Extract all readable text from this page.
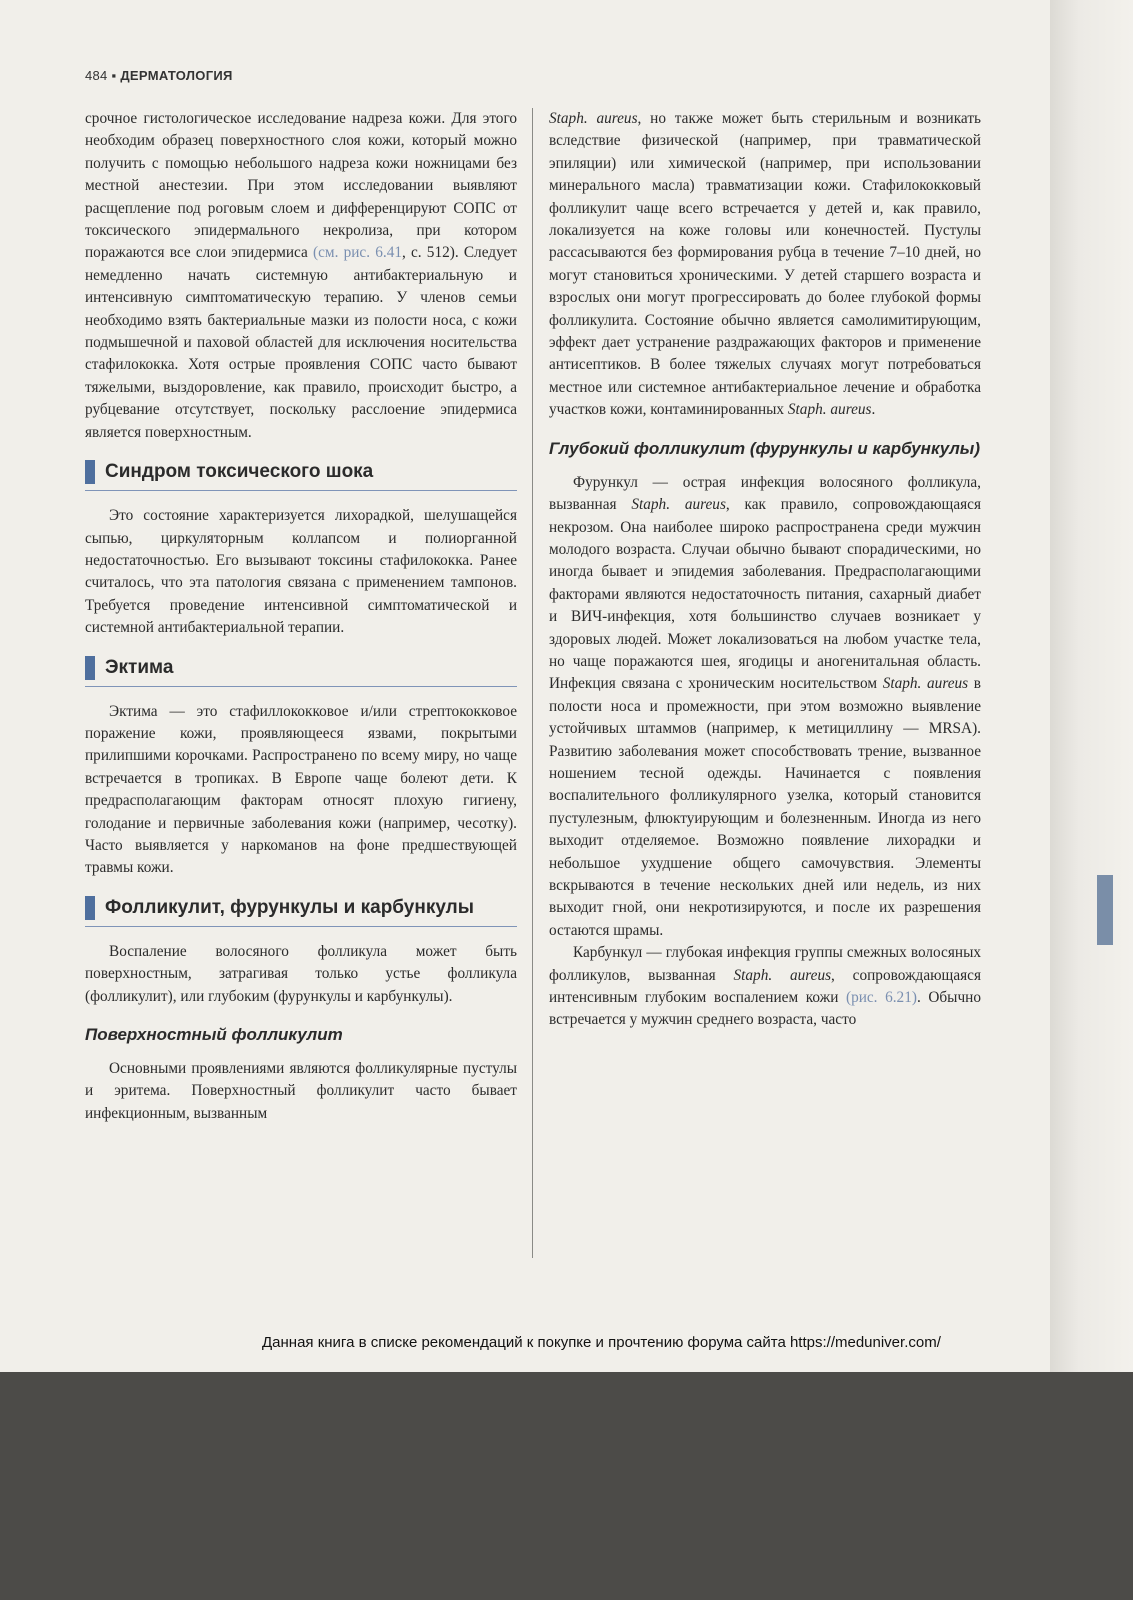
484 ▪ ДЕРМАТОЛОГИЯ

срочное гистологическое исследование надреза кожи. Для этого необходим образец поверхностного слоя кожи, который можно получить с помощью небольшого надреза кожи ножницами без местной анестезии. При этом исследовании выявляют расщепление под роговым слоем и дифференцируют СОПС от токсического эпидермального некролиза, при котором поражаются все слои эпидермиса (см. рис. 6.41, с. 512). Следует немедленно начать системную антибактериальную и интенсивную симптоматическую терапию. У членов семьи необходимо взять бактериальные мазки из полости носа, с кожи подмышечной и паховой областей для исключения носительства стафилококка. Хотя острые проявления СОПС часто бывают тяжелыми, выздоровление, как правило, происходит быстро, а рубцевание отсутствует, поскольку расслоение эпидермиса является поверхностным.

Синдром токсического шока

Это состояние характеризуется лихорадкой, шелушащейся сыпью, циркуляторным коллапсом и полиорганной недостаточностью. Его вызывают токсины стафилококка. Ранее считалось, что эта патология связана с применением тампонов. Требуется проведение интенсивной симптоматической и системной антибактериальной терапии.

Эктима

Эктима — это стафиллококковое и/или стрептококковое поражение кожи, проявляющееся язвами, покрытыми прилипшими корочками. Распространено по всему миру, но чаще встречается в тропиках. В Европе чаще болеют дети. К предрасполагающим факторам относят плохую гигиену, голодание и первичные заболевания кожи (например, чесотку). Часто выявляется у наркоманов на фоне предшествующей травмы кожи.

Фолликулит, фурункулы и карбункулы

Воспаление волосяного фолликула может быть поверхностным, затрагивая только устье фолликула (фолликулит), или глубоким (фурункулы и карбункулы).

Поверхностный фолликулит

Основными проявлениями являются фолликулярные пустулы и эритема. Поверхностный фолликулит часто бывает инфекционным, вызванным

Staph. aureus, но также может быть стерильным и возникать вследствие физической (например, при травматической эпиляции) или химической (например, при использовании минерального масла) травматизации кожи. Стафилококковый фолликулит чаще всего встречается у детей и, как правило, локализуется на коже головы или конечностей. Пустулы рассасываются без формирования рубца в течение 7–10 дней, но могут становиться хроническими. У детей старшего возраста и взрослых они могут прогрессировать до более глубокой формы фолликулита. Состояние обычно является самолимитирующим, эффект дает устранение раздражающих факторов и применение антисептиков. В более тяжелых случаях могут потребоваться местное или системное антибактериальное лечение и обработка участков кожи, контаминированных Staph. aureus.

Глубокий фолликулит (фурункулы и карбункулы)

Фурункул — острая инфекция волосяного фолликула, вызванная Staph. aureus, как правило, сопровождающаяся некрозом. Она наиболее широко распространена среди мужчин молодого возраста. Случаи обычно бывают спорадическими, но иногда бывает и эпидемия заболевания. Предрасполагающими факторами являются недостаточность питания, сахарный диабет и ВИЧ-инфекция, хотя большинство случаев возникает у здоровых людей. Может локализоваться на любом участке тела, но чаще поражаются шея, ягодицы и аногенитальная область. Инфекция связана с хроническим носительством Staph. aureus в полости носа и промежности, при этом возможно выявление устойчивых штаммов (например, к метициллину — MRSA). Развитию заболевания может способствовать трение, вызванное ношением тесной одежды. Начинается с появления воспалительного фолликулярного узелка, который становится пустулезным, флюктуирующим и болезненным. Иногда из него выходит отделяемое. Возможно появление лихорадки и небольшое ухудшение общего самочувствия. Элементы вскрываются в течение нескольких дней или недель, из них выходит гной, они некротизируются, и после их разрешения остаются шрамы.

Карбункул — глубокая инфекция группы смежных волосяных фолликулов, вызванная Staph. aureus, сопровождающаяся интенсивным глубоким воспалением кожи (рис. 6.21). Обычно встречается у мужчин среднего возраста, часто

Данная книга в списке рекомендаций к покупке и прочтению форума сайта https://meduniver.com/
